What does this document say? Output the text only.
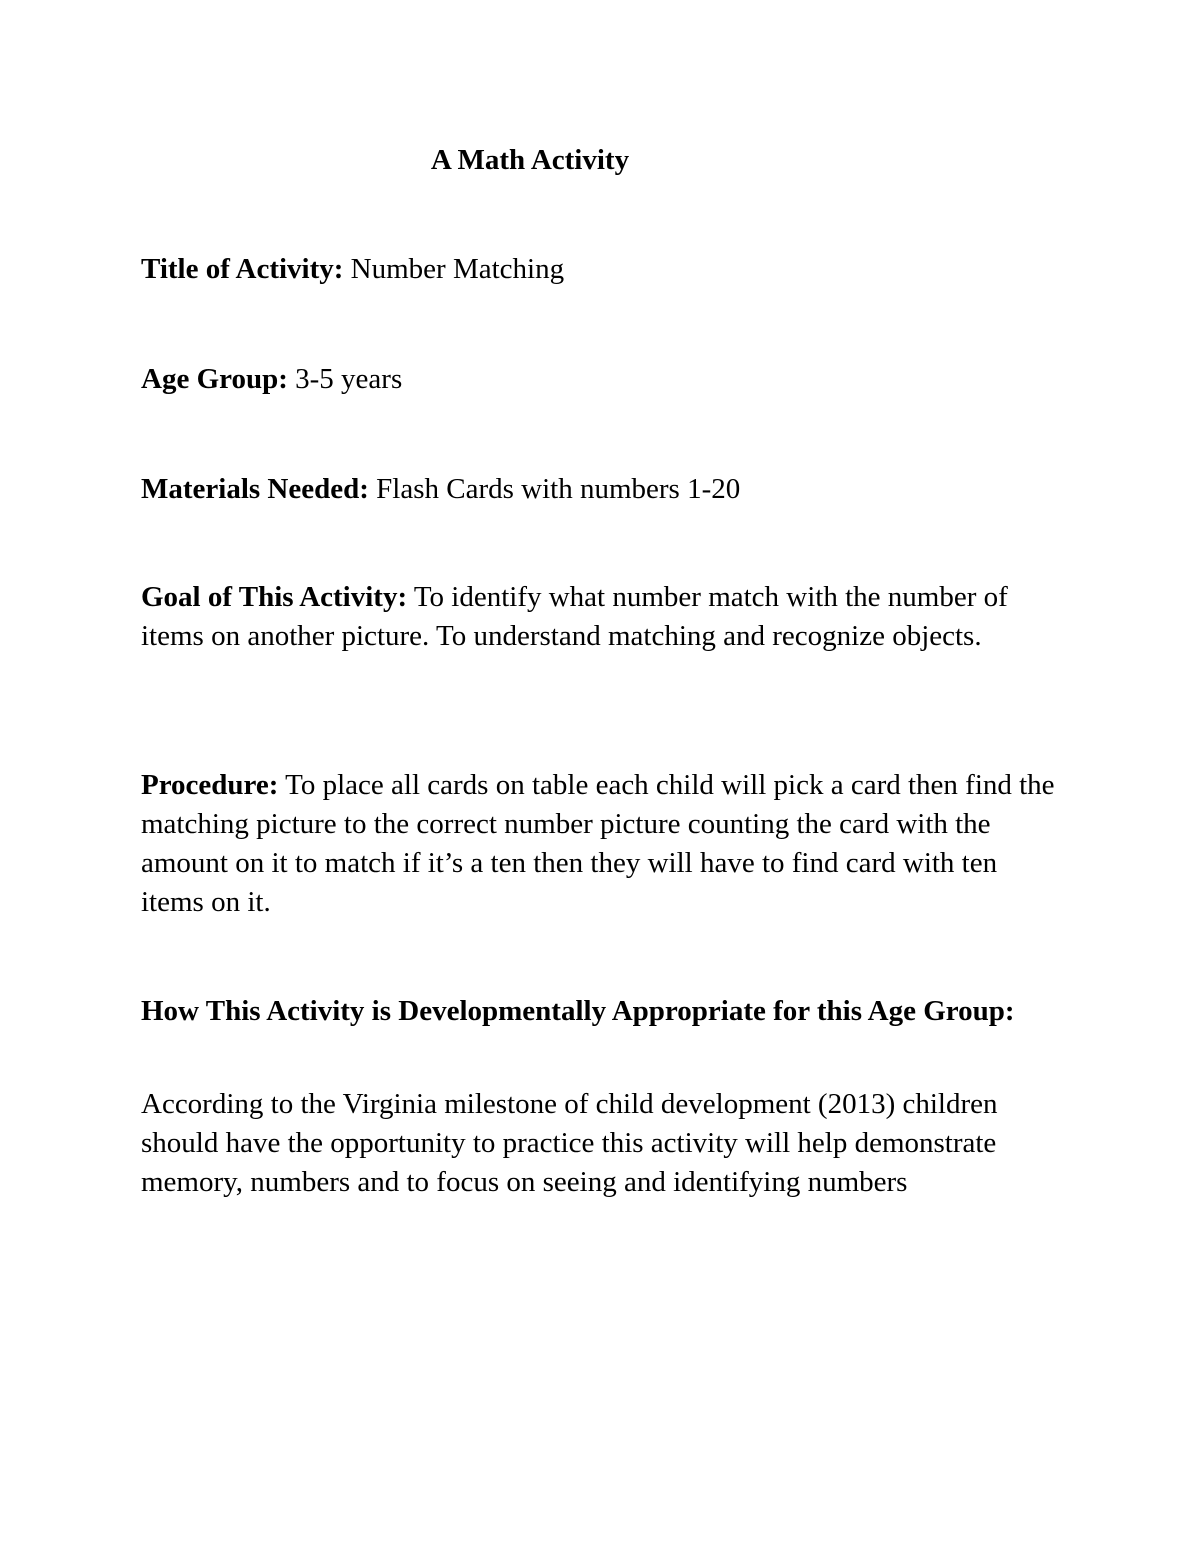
A Math Activity

Title of Activity: Number Matching

Age Group: 3-5 years

Materials Needed: Flash Cards with numbers 1-20

Goal of This Activity: To identify what number match with the number of items on another picture. To understand matching and recognize objects.

Procedure: To place all cards on table each child will pick a card then find the matching picture to the correct number picture counting the card with the amount on it to match if it’s a ten then they will have to find card with ten items on it.

How This Activity is Developmentally Appropriate for this Age Group:

According to the Virginia milestone of child development (2013) children should have the opportunity to practice this activity will help demonstrate memory, numbers and to focus on seeing and identifying numbers
